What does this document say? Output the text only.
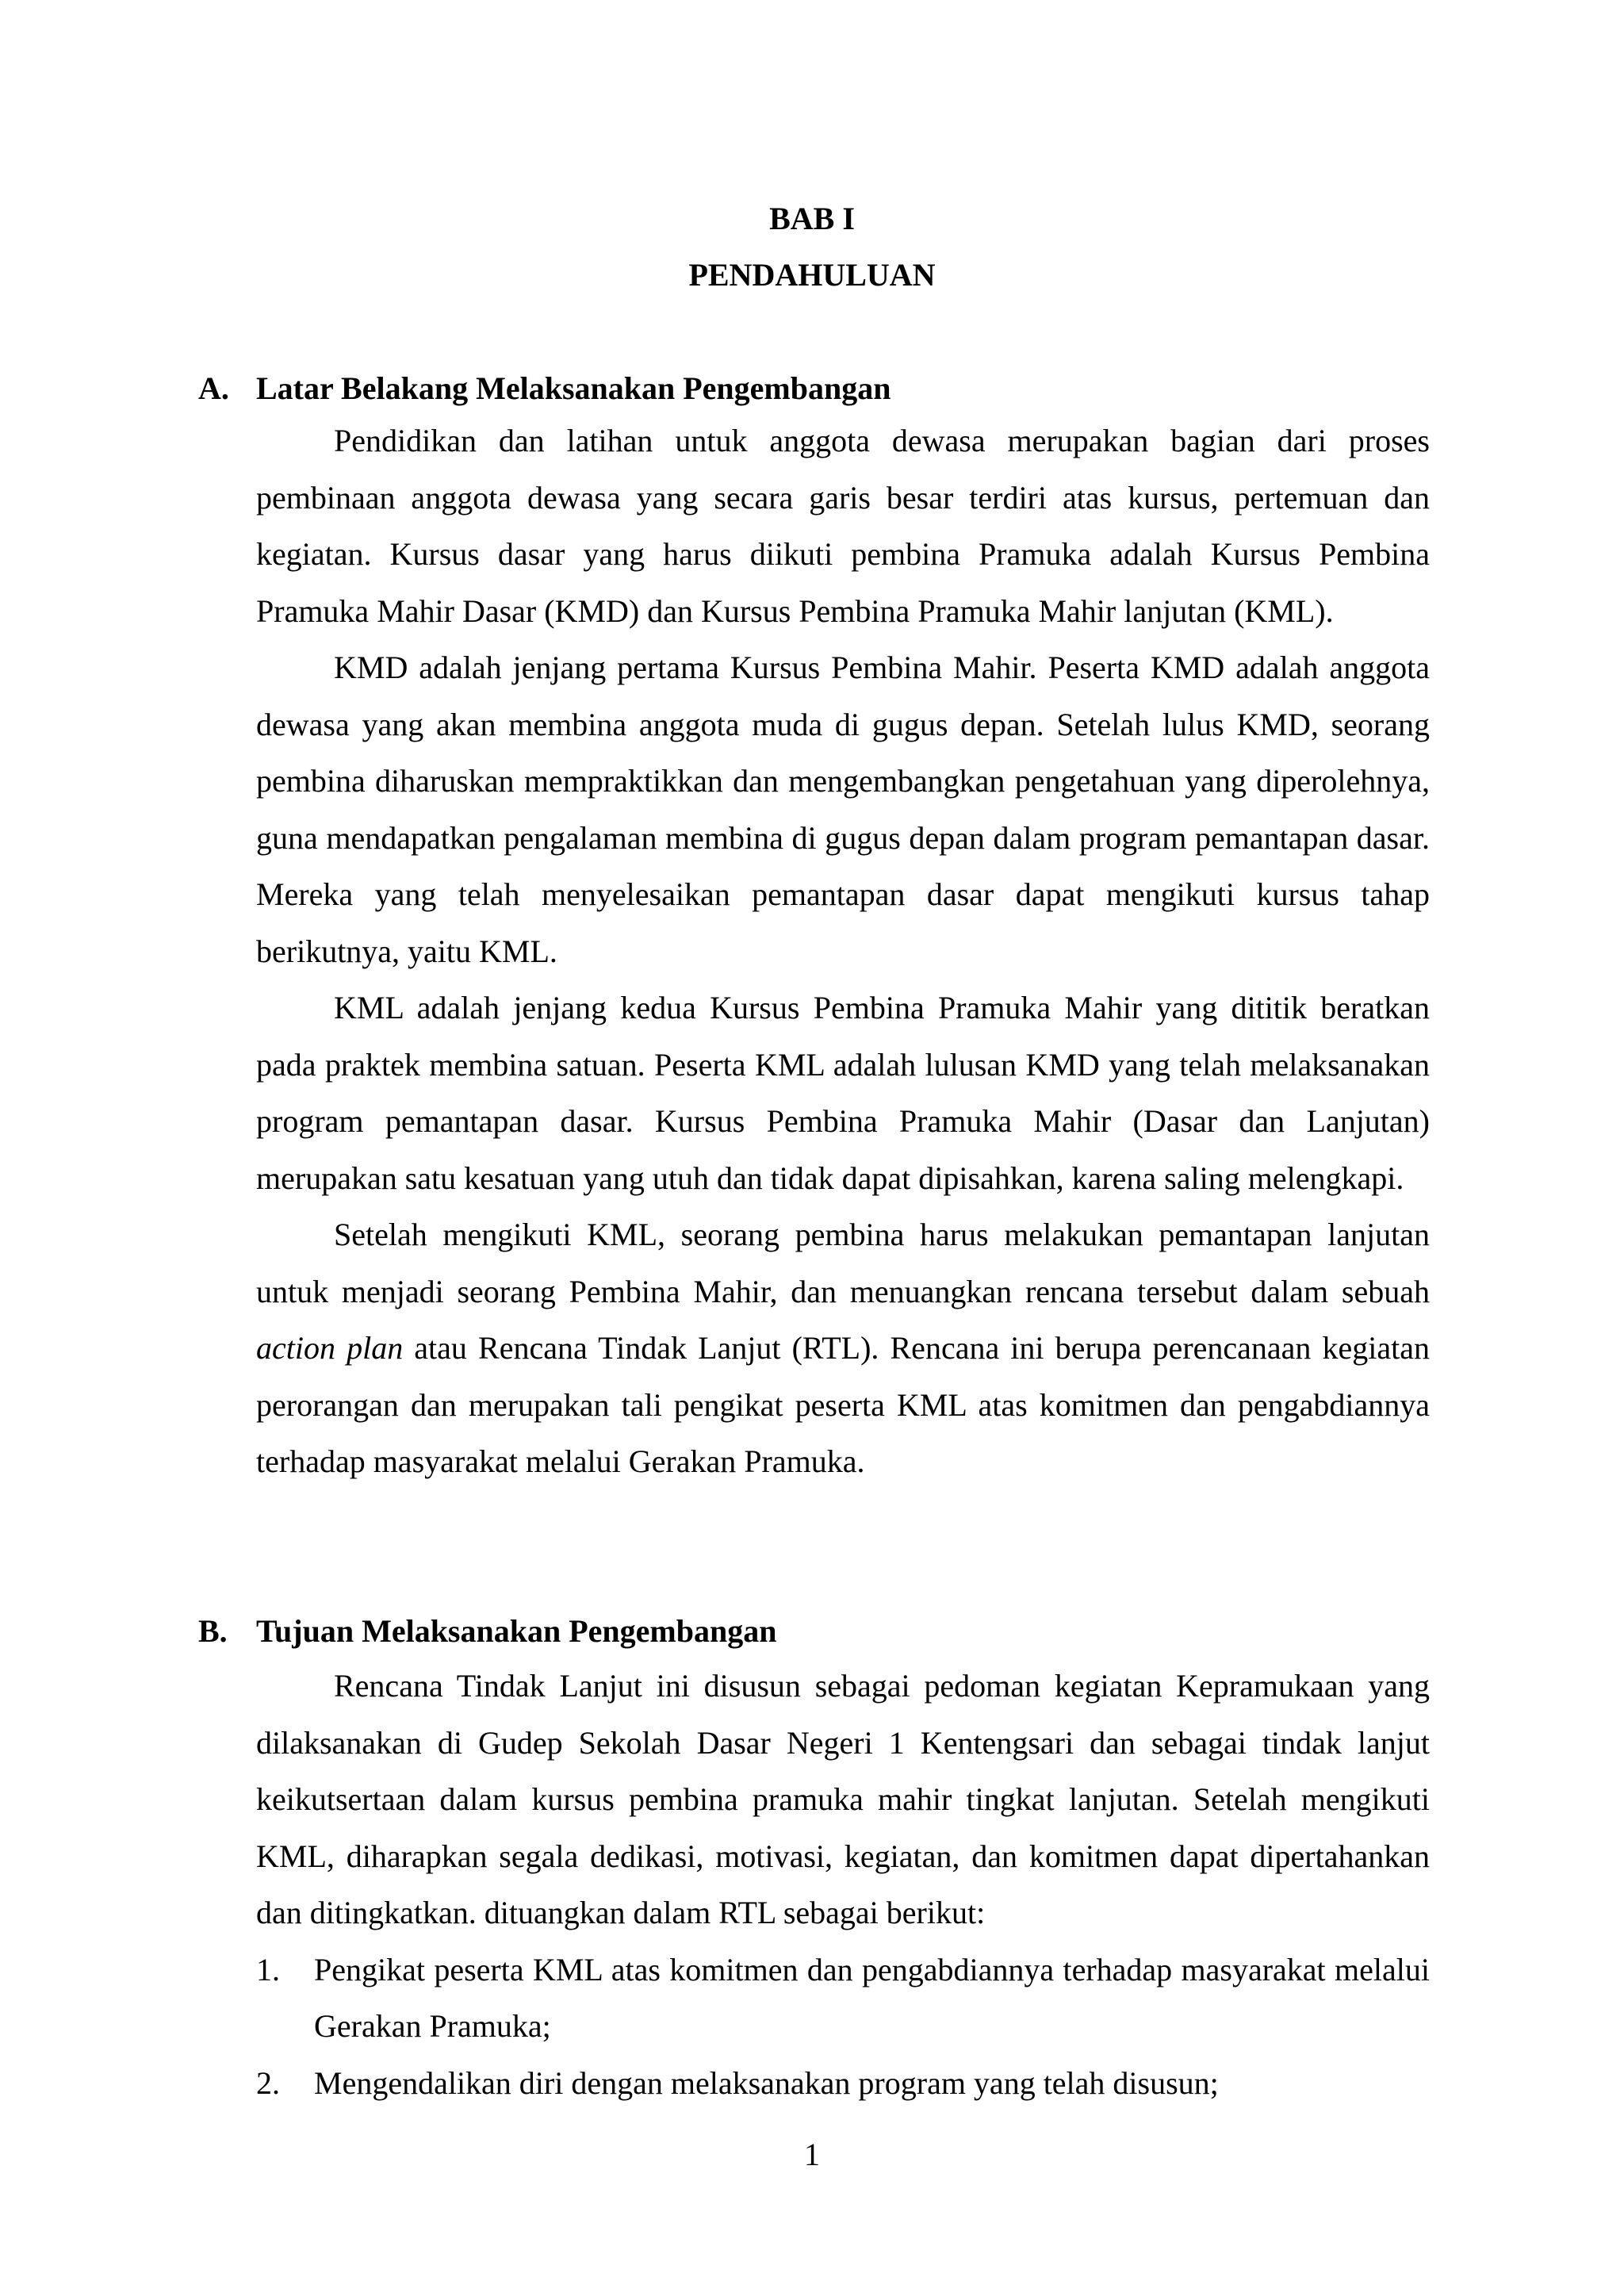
BAB I
PENDAHULUAN
A. Latar Belakang Melaksanakan Pengembangan

Pendidikan dan latihan untuk anggota dewasa merupakan bagian dari proses pembinaan anggota dewasa yang secara garis besar terdiri atas kursus, pertemuan dan kegiatan. Kursus dasar yang harus diikuti pembina Pramuka adalah Kursus Pembina Pramuka Mahir Dasar (KMD) dan Kursus Pembina Pramuka Mahir lanjutan (KML).

KMD adalah jenjang pertama Kursus Pembina Mahir. Peserta KMD adalah anggota dewasa yang akan membina anggota muda di gugus depan. Setelah lulus KMD, seorang pembina diharuskan mempraktikkan dan mengembangkan pengetahuan yang diperolehnya, guna mendapatkan pengalaman membina di gugus depan dalam program pemantapan dasar. Mereka yang telah menyelesaikan pemantapan dasar dapat mengikuti kursus tahap berikutnya, yaitu KML.

KML adalah jenjang kedua Kursus Pembina Pramuka Mahir yang dititik beratkan pada praktek membina satuan. Peserta KML adalah lulusan KMD yang telah melaksanakan program pemantapan dasar. Kursus Pembina Pramuka Mahir (Dasar dan Lanjutan) merupakan satu kesatuan yang utuh dan tidak dapat dipisahkan, karena saling melengkapi.

Setelah mengikuti KML, seorang pembina harus melakukan pemantapan lanjutan untuk menjadi seorang Pembina Mahir, dan menuangkan rencana tersebut dalam sebuah action plan atau Rencana Tindak Lanjut (RTL). Rencana ini berupa perencanaan kegiatan perorangan dan merupakan tali pengikat peserta KML atas komitmen dan pengabdiannya terhadap masyarakat melalui Gerakan Pramuka.

B. Tujuan Melaksanakan Pengembangan

Rencana Tindak Lanjut ini disusun sebagai pedoman kegiatan Kepramukaan yang dilaksanakan di Gudep Sekolah Dasar Negeri 1 Kentengsari dan sebagai tindak lanjut keikutsertaan dalam kursus pembina pramuka mahir tingkat lanjutan. Setelah mengikuti KML, diharapkan segala dedikasi, motivasi, kegiatan, dan komitmen dapat dipertahankan dan ditingkatkan. dituangkan dalam RTL sebagai berikut:

1. Pengikat peserta KML atas komitmen dan pengabdiannya terhadap masyarakat melalui Gerakan Pramuka;
2. Mengendalikan diri dengan melaksanakan program yang telah disusun;
1
